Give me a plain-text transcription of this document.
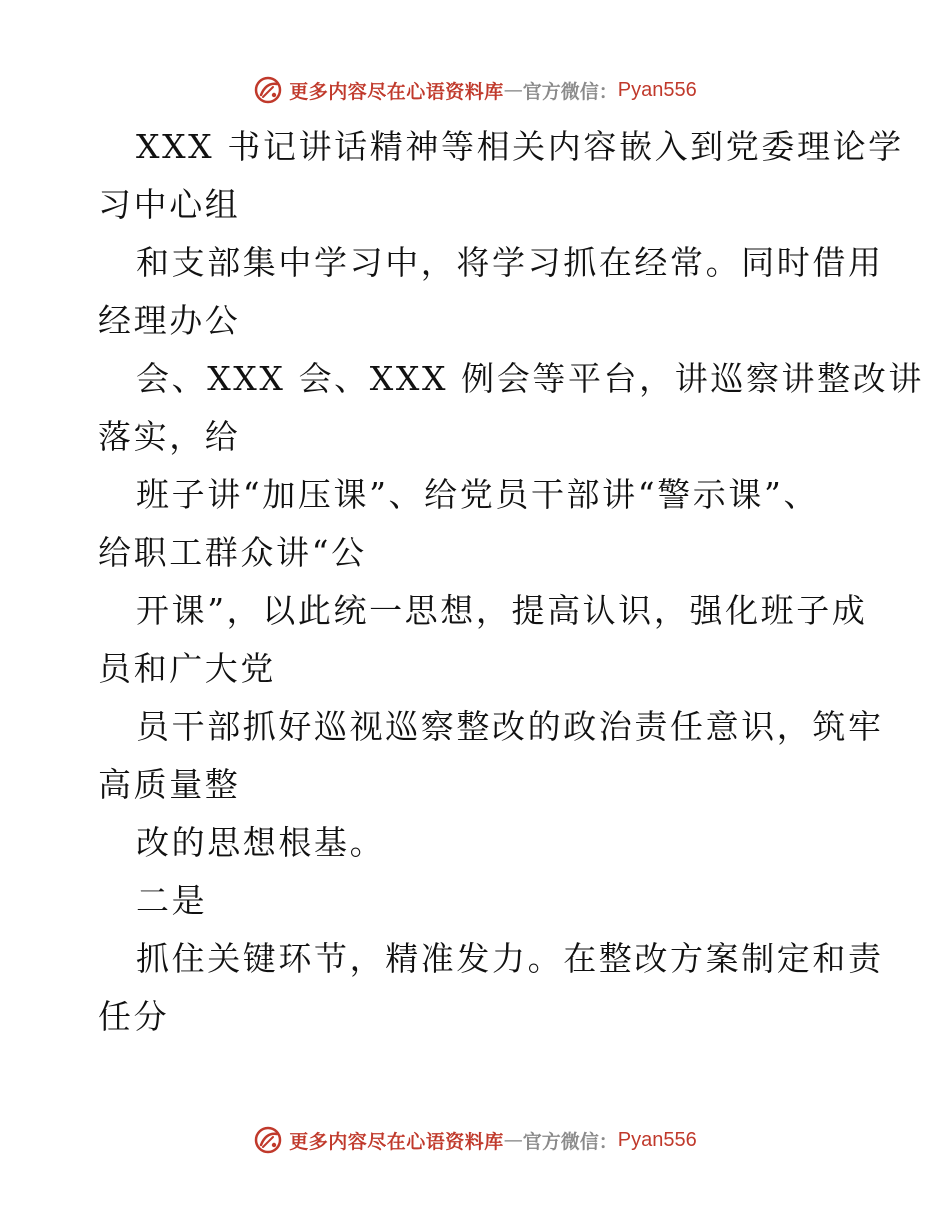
更多内容尽在心语资料库 — 官方微信： Pyan556
XXX 书记讲话精神等相关内容嵌入到党委理论学
习中心组
和支部集中学习中，将学习抓在经常。同时借用
经理办公
会、XXX 会、XXX 例会等平台，讲巡察讲整改讲
落实，给
班子讲“加压课”、给党员干部讲“警示课”、
给职工群众讲“公
开课”，以此统一思想，提高认识，强化班子成
员和广大党
员干部抓好巡视巡察整改的政治责任意识，筑牢
高质量整
改的思想根基。
二是
抓住关键环节，精准发力。在整改方案制定和责
任分
更多内容尽在心语资料库 — 官方微信： Pyan556
